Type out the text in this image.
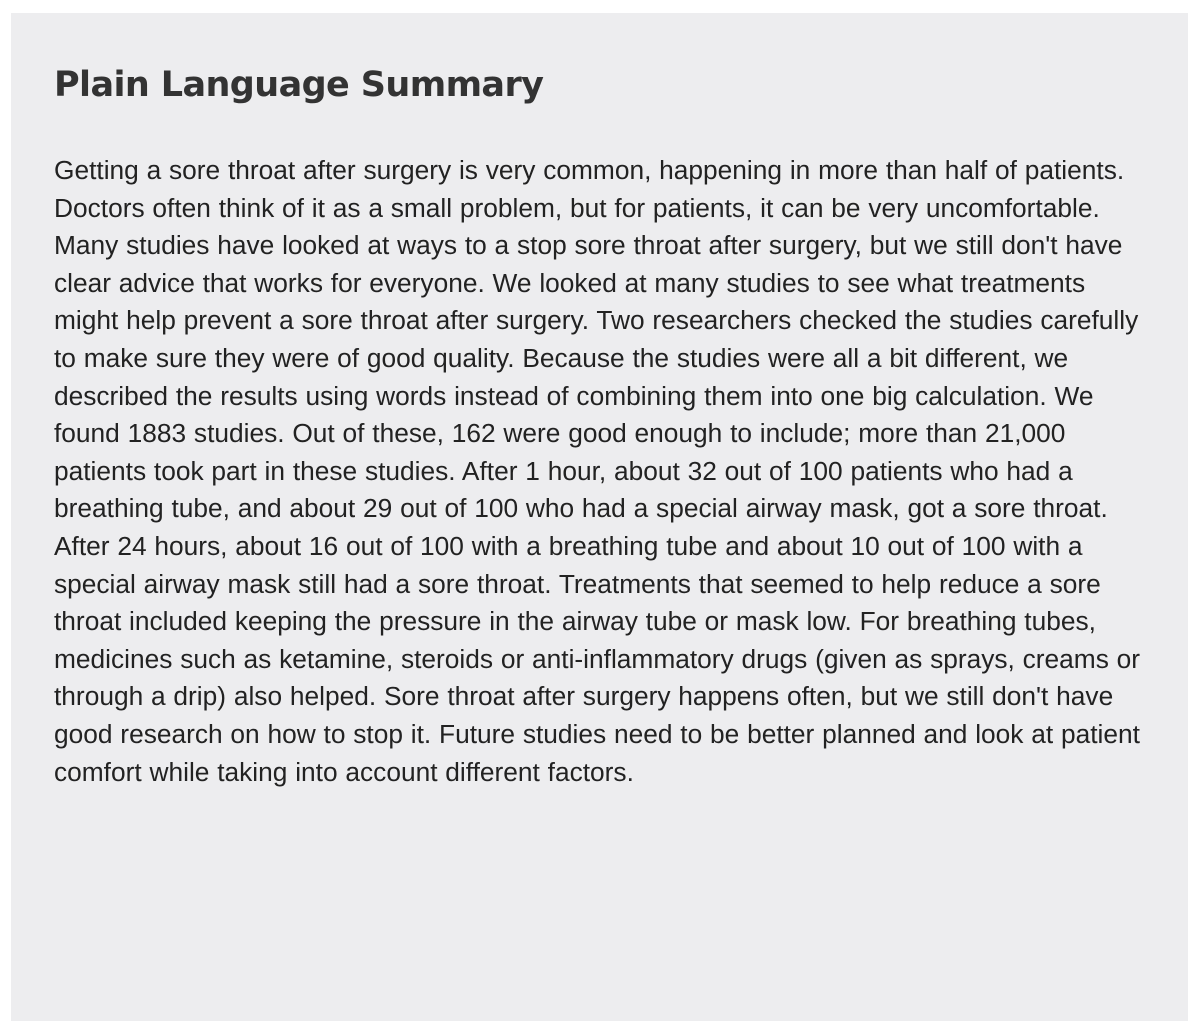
Plain Language Summary

Getting a sore throat after surgery is very common, happening in more than half of patients. Doctors often think of it as a small problem, but for patients, it can be very uncomfortable. Many studies have looked at ways to a stop sore throat after surgery, but we still don't have clear advice that works for everyone. We looked at many studies to see what treatments might help prevent a sore throat after surgery. Two researchers checked the studies carefully to make sure they were of good quality. Because the studies were all a bit different, we described the results using words instead of combining them into one big calculation. We found 1883 studies. Out of these, 162 were good enough to include; more than 21,000 patients took part in these studies. After 1 hour, about 32 out of 100 patients who had a breathing tube, and about 29 out of 100 who had a special airway mask, got a sore throat. After 24 hours, about 16 out of 100 with a breathing tube and about 10 out of 100 with a special airway mask still had a sore throat. Treatments that seemed to help reduce a sore throat included keeping the pressure in the airway tube or mask low. For breathing tubes, medicines such as ketamine, steroids or anti-inflammatory drugs (given as sprays, creams or through a drip) also helped. Sore throat after surgery happens often, but we still don't have good research on how to stop it. Future studies need to be better planned and look at patient comfort while taking into account different factors.
